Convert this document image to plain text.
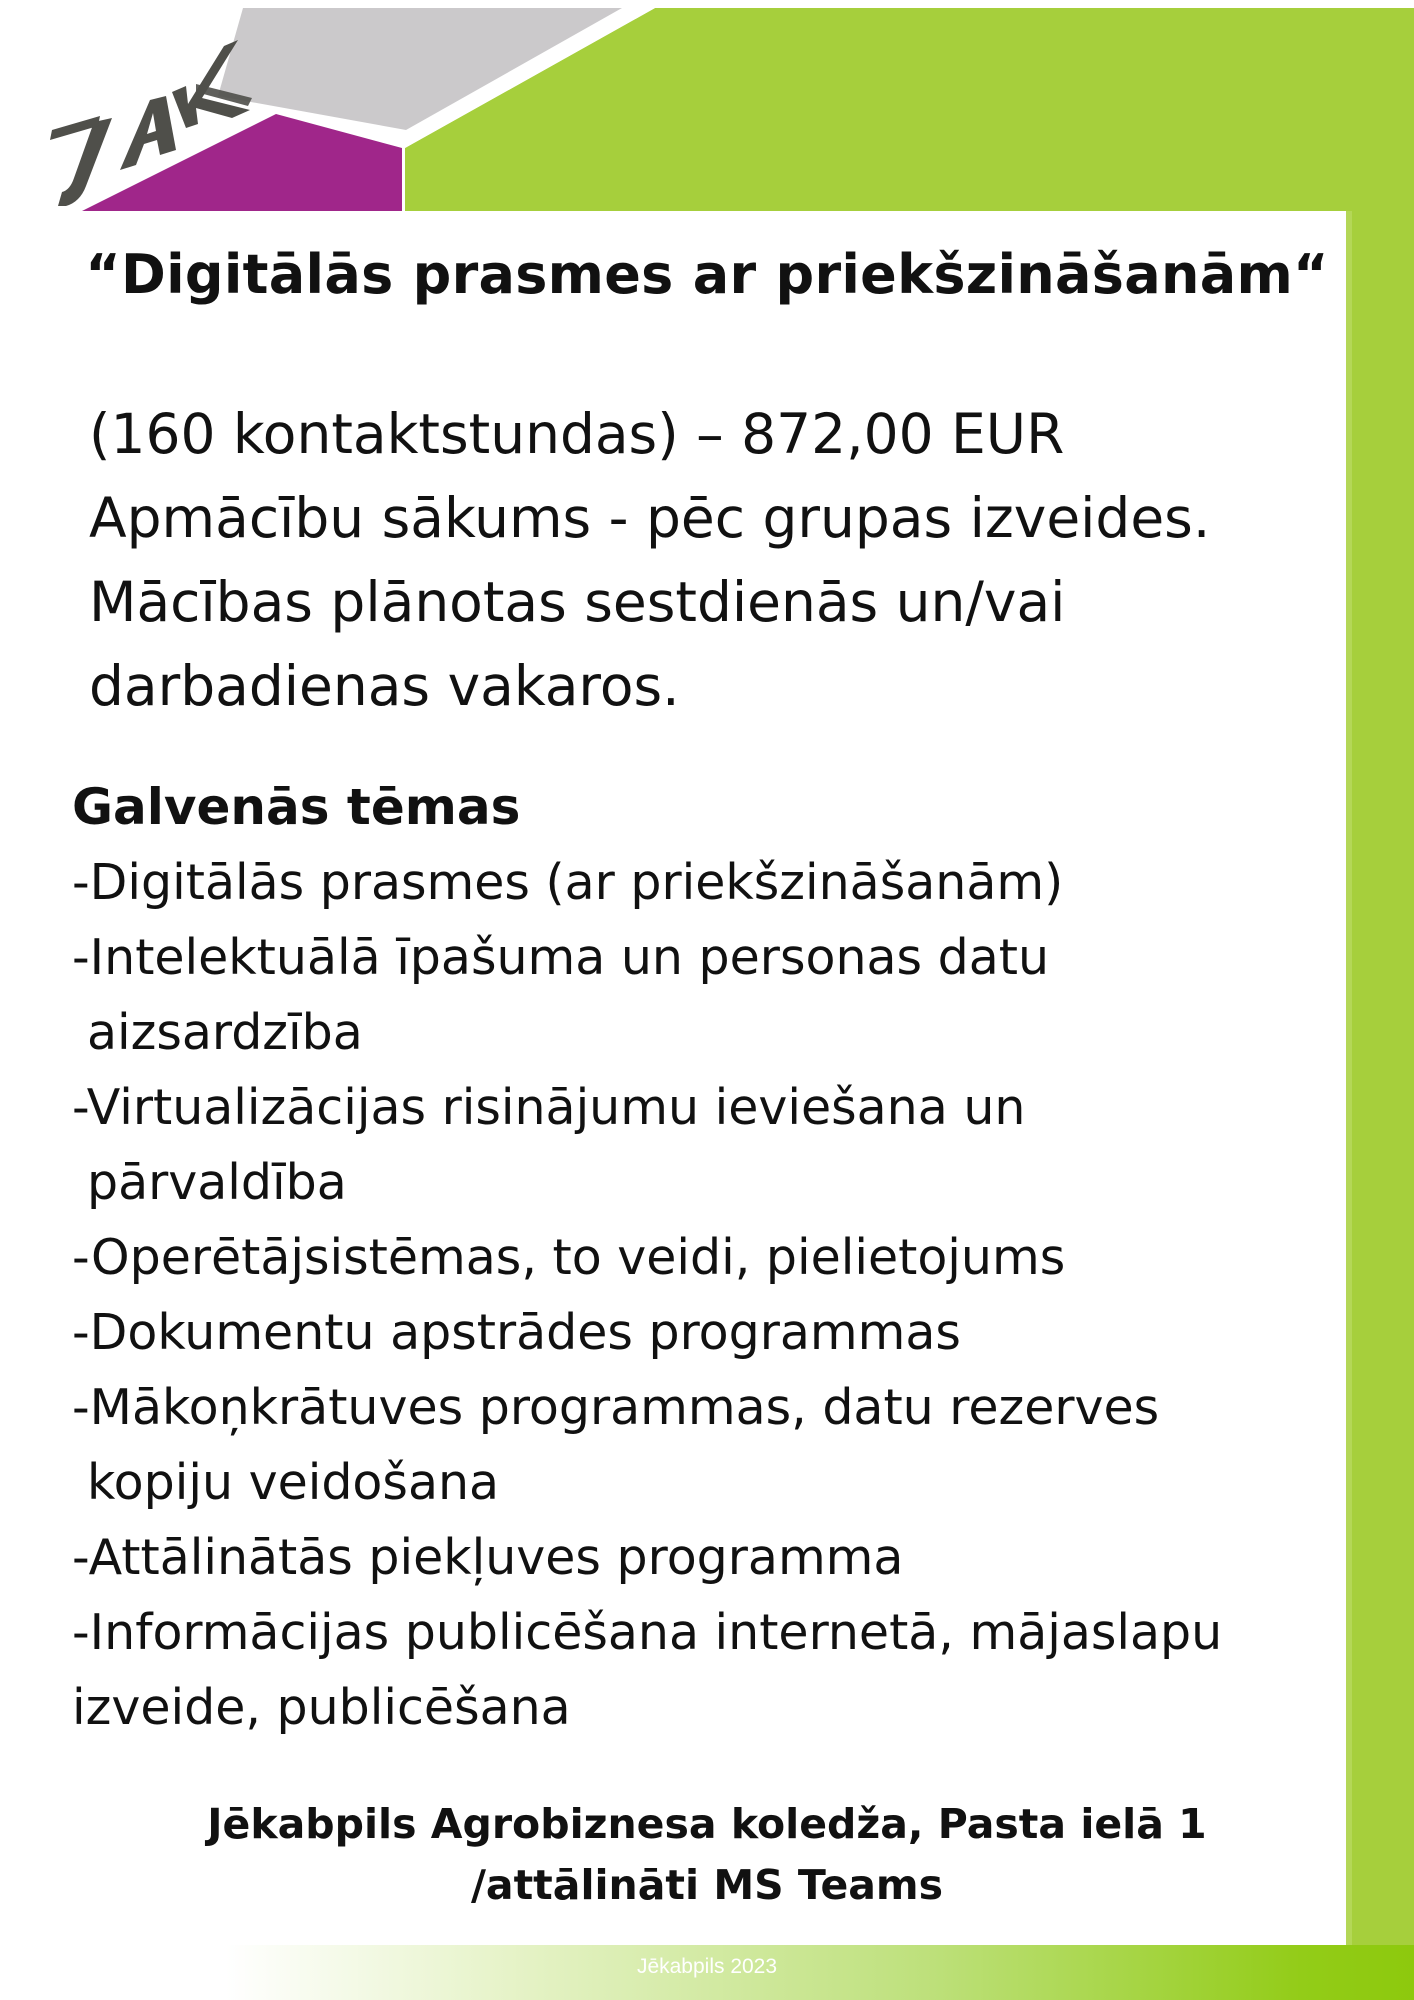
“Digitālās prasmes ar priekšzināšanām“

(160 kontaktstundas) – 872,00 EUR

Apmācību sākums - pēc grupas izveides.

Mācības plānotas sestdienās un/vai

darbadienas vakaros.

Galvenās tēmas

-Digitālās prasmes (ar priekšzināšanām)
-Intelektuālā īpašuma un personas datu
aizsardzība
-Virtualizācijas risinājumu ieviešana un
pārvaldība
-Operētājsistēmas, to veidi, pielietojums
-Dokumentu apstrādes programmas
-Mākoņkrātuves programmas, datu rezerves
kopiju veidošana
-Attālinātās piekļuves programma
-Informācijas publicēšana internetā, mājaslapu
izveide, publicēšana

Jēkabpils Agrobiznesa koledža, Pasta ielā 1

/attālināti MS Teams

Jēkabpils 2023
